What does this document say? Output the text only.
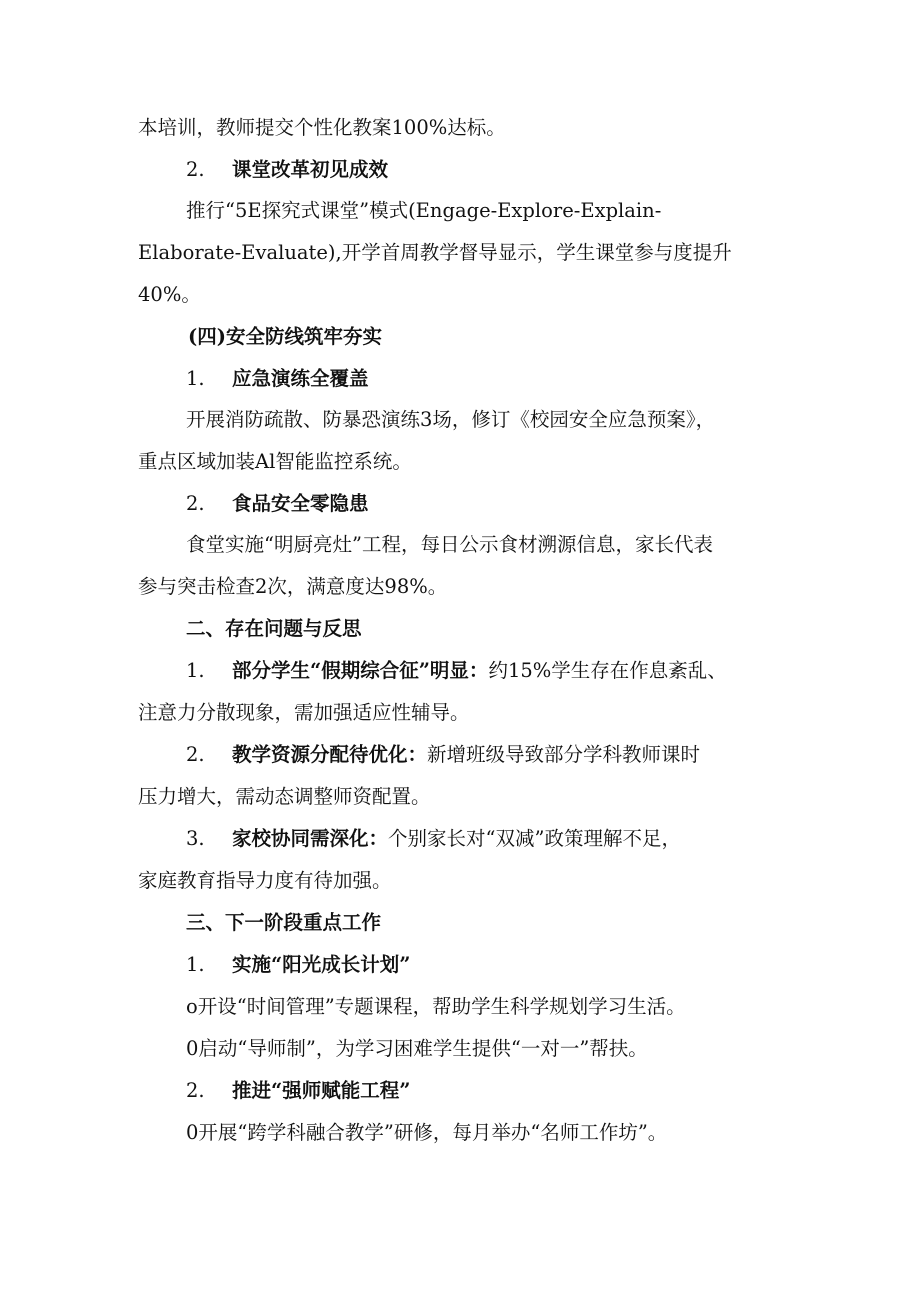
本培训，教师提交个性化教案100%达标。
2. 课堂改革初见成效
推行“5E探究式课堂”模式(Engage-Explore-Explain-
Elaborate-Evaluate),开学首周教学督导显示，学生课堂参与度提升
40%。
(四)安全防线筑牢夯实
1. 应急演练全覆盖
开展消防疏散、防暴恐演练3场，修订《校园安全应急预案》，
重点区域加装Al智能监控系统。
2. 食品安全零隐患
食堂实施“明厨亮灶”工程，每日公示食材溯源信息，家长代表
参与突击检查2次，满意度达98%。
二、存在问题与反思
1. 部分学生“假期综合征”明显：约15%学生存在作息紊乱、
注意力分散现象，需加强适应性辅导。
2. 教学资源分配待优化：新增班级导致部分学科教师课时
压力增大，需动态调整师资配置。
3. 家校协同需深化：个别家长对“双减”政策理解不足，
家庭教育指导力度有待加强。
三、下一阶段重点工作
1. 实施“阳光成长计划”
o开设“时间管理”专题课程，帮助学生科学规划学习生活。
0启动“导师制”，为学习困难学生提供“一对一”帮扶。
2. 推进“强师赋能工程”
0开展“跨学科融合教学”研修，每月举办“名师工作坊”。
